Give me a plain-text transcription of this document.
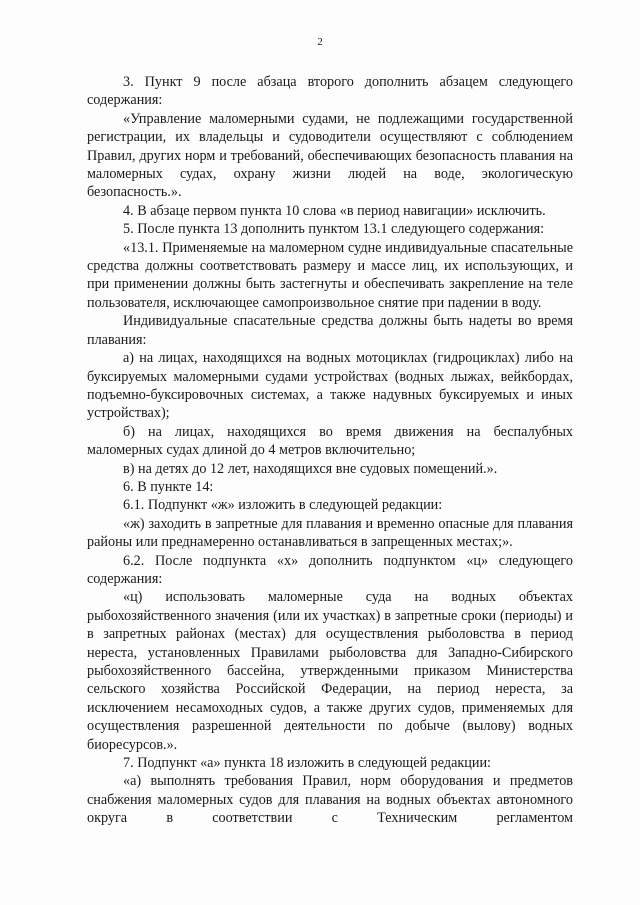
2

3. Пункт 9 после абзаца второго дополнить абзацем следующего содержания:

«Управление маломерными судами, не подлежащими государственной регистрации, их владельцы и судоводители осуществляют с соблюдением Правил, других норм и требований, обеспечивающих безопасность плавания на маломерных судах, охрану жизни людей на воде, экологическую безопасность.».

4. В абзаце первом пункта 10 слова «в период навигации» исключить.

5. После пункта 13 дополнить пунктом 13.1 следующего содержания:

«13.1. Применяемые на маломерном судне индивидуальные спасательные средства должны соответствовать размеру и массе лиц, их использующих, и при применении должны быть застегнуты и обеспечивать закрепление на теле пользователя, исключающее самопроизвольное снятие при падении в воду.

Индивидуальные спасательные средства должны быть надеты во время плавания:

а) на лицах, находящихся на водных мотоциклах (гидроциклах) либо на буксируемых маломерными судами устройствах (водных лыжах, вейкбордах, подъемно-буксировочных системах, а также надувных буксируемых и иных устройствах);

б) на лицах, находящихся во время движения на беспалубных маломерных судах длиной до 4 метров включительно;

в) на детях до 12 лет, находящихся вне судовых помещений.».

6. В пункте 14:

6.1. Подпункт «ж» изложить в следующей редакции:

«ж) заходить в запретные для плавания и временно опасные для плавания районы или преднамеренно останавливаться в запрещенных местах;».

6.2. После подпункта «х» дополнить подпунктом «ц» следующего содержания:

«ц) использовать маломерные суда на водных объектах рыбохозяйственного значения (или их участках) в запретные сроки (периоды) и в запретных районах (местах) для осуществления рыболовства в период нереста, установленных Правилами рыболовства для Западно-Сибирского рыбохозяйственного бассейна, утвержденными приказом Министерства сельского хозяйства Российской Федерации, на период нереста, за исключением несамоходных судов, а также других судов, применяемых для осуществления разрешенной деятельности по добыче (вылову) водных биоресурсов.».

7. Подпункт «а» пункта 18 изложить в следующей редакции:

«а) выполнять требования Правил, норм оборудования и предметов снабжения маломерных судов для плавания на водных объектах автономного округа в соответствии с Техническим регламентом
